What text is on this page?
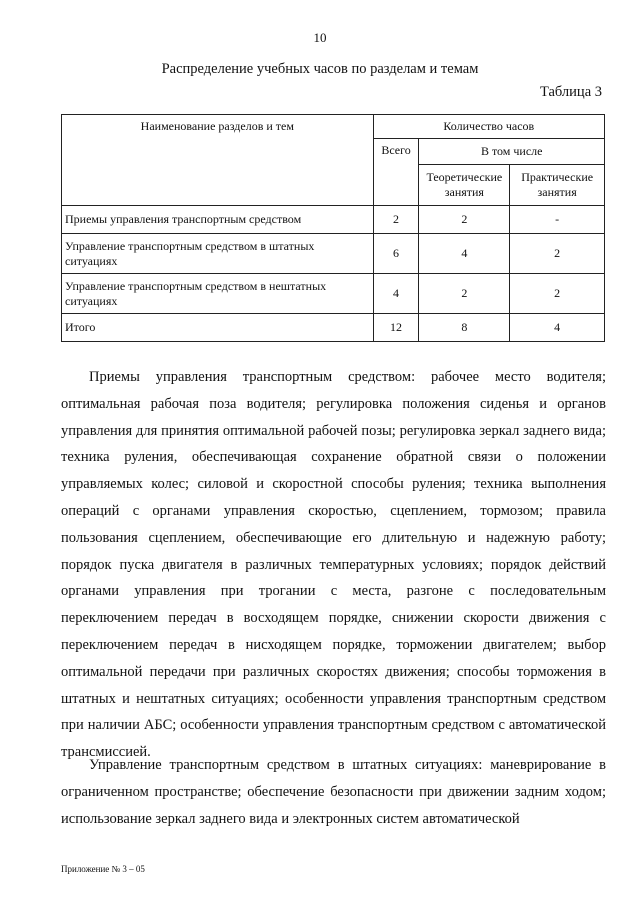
10
Распределение учебных часов по разделам и темам
Таблица 3
Наименование разделов и тем	Количество часов		
	Всего	В том числе	
		Теоретические занятия	Практические занятия
Приемы управления транспортным средством	2	2	-
Управление транспортным средством в штатных ситуациях	6	4	2
Управление транспортным средством в нештатных ситуациях	4	2	2
Итого	12	8	4

Приемы управления транспортным средством: рабочее место водителя; оптимальная рабочая поза водителя; регулировка положения сиденья и органов управления для принятия оптимальной рабочей позы; регулировка зеркал заднего вида; техника руления, обеспечивающая сохранение обратной связи о положении управляемых колес; силовой и скоростной способы руления; техника выполнения операций с органами управления скоростью, сцеплением, тормозом; правила пользования сцеплением, обеспечивающие его длительную и надежную работу; порядок пуска двигателя в различных температурных условиях; порядок действий органами управления при трогании с места, разгоне с последовательным переключением передач в восходящем порядке, снижении скорости движения с переключением передач в нисходящем порядке, торможении двигателем; выбор оптимальной передачи при различных скоростях движения; способы торможения в штатных и нештатных ситуациях; особенности управления транспортным средством при наличии АБС; особенности управления транспортным средством с автоматической трансмиссией.

Управление транспортным средством в штатных ситуациях: маневрирование в ограниченном пространстве; обеспечение безопасности при движении задним ходом; использование зеркал заднего вида и электронных систем автоматической

Приложение № 3 – 05
